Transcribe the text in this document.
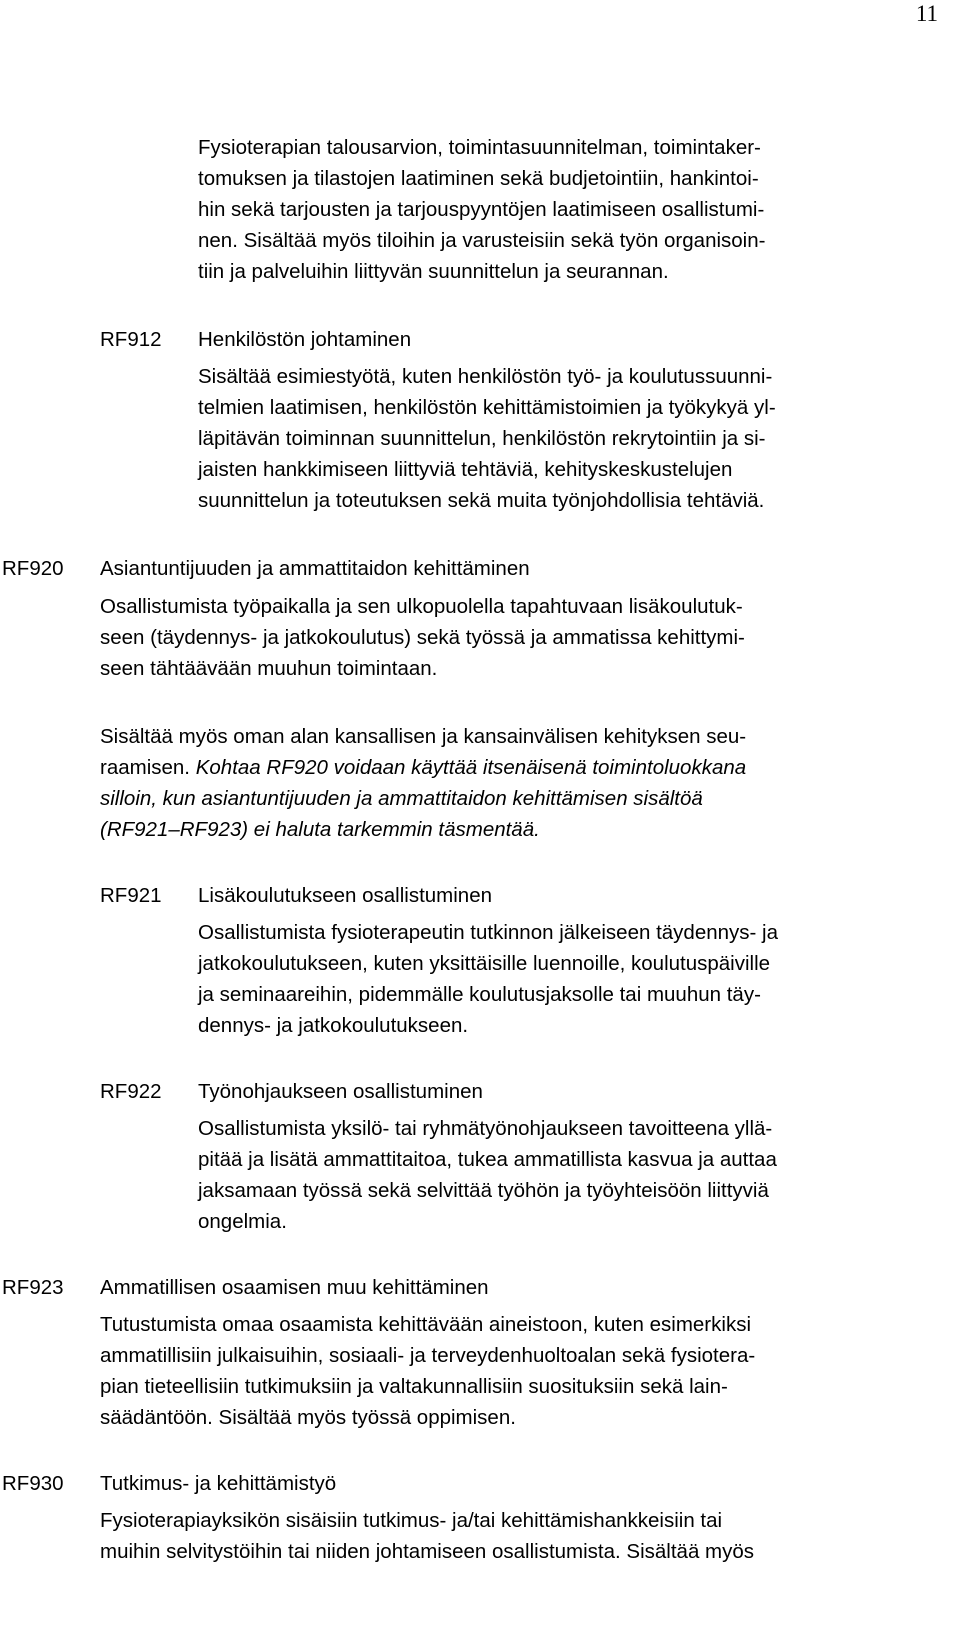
11
Fysioterapian talousarvion, toimintasuunnitelman, toimintaker-
tomuksen ja tilastojen laatiminen sekä budjetointiin, hankintoi-
hin sekä tarjousten ja tarjouspyyntöjen laatimiseen osallistumi-
nen. Sisältää myös tiloihin ja varusteisiin sekä työn organisoin-
tiin ja palveluihin liittyvän suunnittelun ja seurannan.
RF912 Henkilöstön johtaminen
Sisältää esimiestyötä, kuten henkilöstön työ- ja koulutussuunni-
telmien laatimisen, henkilöstön kehittämistoimien ja työkykyä yl-
läpitävän toiminnan suunnittelun, henkilöstön rekrytointiin ja si-
jaisten hankkimiseen liittyviä tehtäviä, kehityskeskustelujen
suunnittelun ja toteutuksen sekä muita työnjohdollisia tehtäviä.
RF920 Asiantuntijuuden ja ammattitaidon kehittäminen
Osallistumista työpaikalla ja sen ulkopuolella tapahtuvaan lisäkoulutuk-
seen (täydennys- ja jatkokoulutus) sekä työssä ja ammatissa kehittymi-
seen tähtäävään muuhun toimintaan.
Sisältää myös oman alan kansallisen ja kansainvälisen kehityksen seu-
raamisen. Kohtaa RF920 voidaan käyttää itsenäisenä toimintoluokkana
silloin, kun asiantuntijuuden ja ammattitaidon kehittämisen sisältöä
(RF921–RF923) ei haluta tarkemmin täsmentää.
RF921 Lisäkoulutukseen osallistuminen
Osallistumista fysioterapeutin tutkinnon jälkeiseen täydennys- ja
jatkokoulutukseen, kuten yksittäisille luennoille, koulutuspäiville
ja seminaareihin, pidemmälle koulutusjaksolle tai muuhun täy-
dennys- ja jatkokoulutukseen.
RF922 Työnohjaukseen osallistuminen
Osallistumista yksilö- tai ryhmätyönohjaukseen tavoitteena yllä-
pitää ja lisätä ammattitaitoa, tukea ammatillista kasvua ja auttaa
jaksamaan työssä sekä selvittää työhön ja työyhteisöön liittyviä
ongelmia.
RF923 Ammatillisen osaamisen muu kehittäminen
Tutustumista omaa osaamista kehittävään aineistoon, kuten esimerkiksi
ammatillisiin julkaisuihin, sosiaali- ja terveydenhuoltoalan sekä fysiotera-
pian tieteellisiin tutkimuksiin ja valtakunnallisiin suosituksiin sekä lain-
säädäntöön. Sisältää myös työssä oppimisen.
RF930 Tutkimus- ja kehittämistyö
Fysioterapiayksikön sisäisiin tutkimus- ja/tai kehittämishankkeisiin tai
muihin selvitystöihin tai niiden johtamiseen osallistumista. Sisältää myös
